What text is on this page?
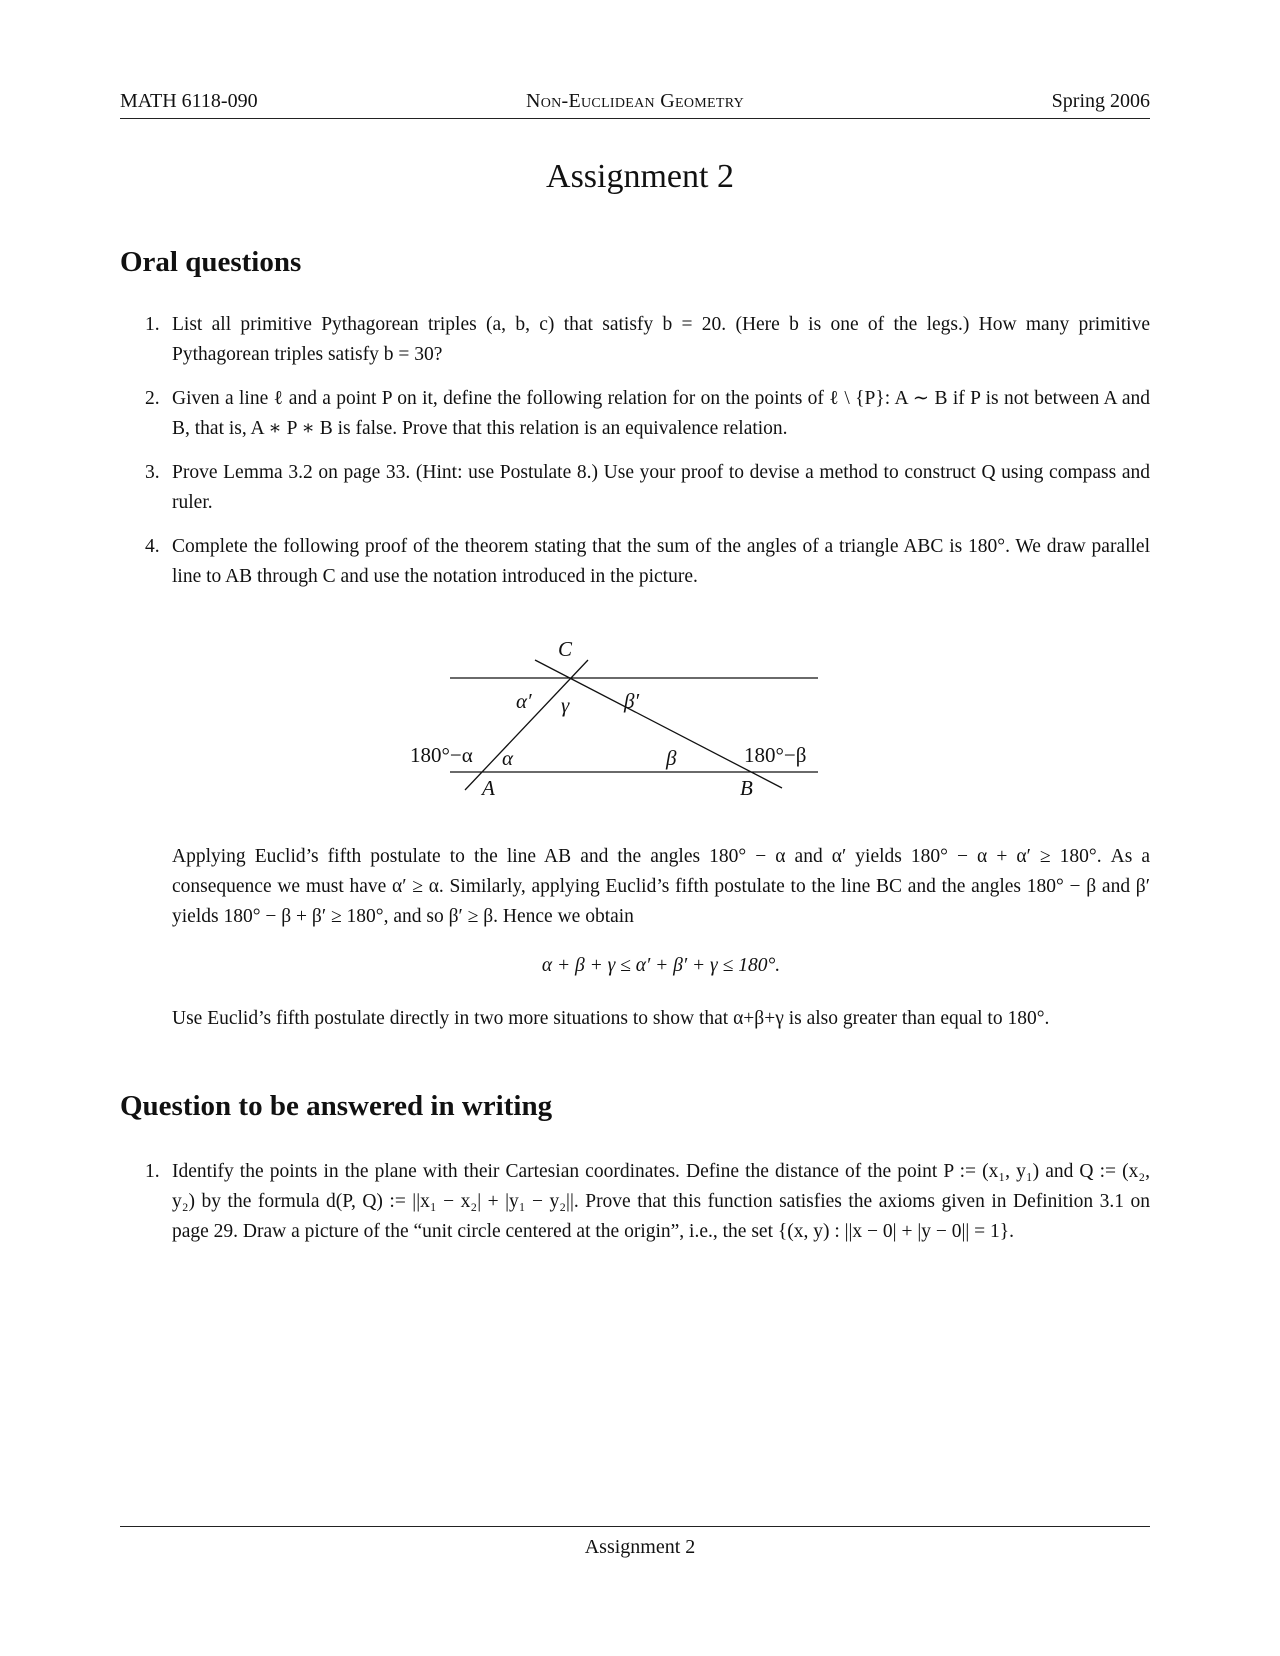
MATH 6118-090	Non-Euclidean Geometry	Spring 2006
Assignment 2
Oral questions
1. List all primitive Pythagorean triples (a, b, c) that satisfy b = 20. (Here b is one of the legs.) How many primitive Pythagorean triples satisfy b = 30?
2. Given a line ℓ and a point P on it, define the following relation for on the points of ℓ \ {P}: A ∼ B if P is not between A and B, that is, A ∗ P ∗ B is false. Prove that this relation is an equivalence relation.
3. Prove Lemma 3.2 on page 33. (Hint: use Postulate 8.) Use your proof to devise a method to construct Q using compass and ruler.
4. Complete the following proof of the theorem stating that the sum of the angles of a triangle ABC is 180°. We draw parallel line to AB through C and use the notation introduced in the picture.
C
α′ γ	β′
180°−α α	β	180°−β
A	B
Applying Euclid’s fifth postulate to the line AB and the angles 180° − α and α′ yields 180° − α + α′ ≥ 180°. As a consequence we must have α′ ≥ α. Similarly, applying Euclid’s fifth postulate to the line BC and the angles 180° − β and β′ yields 180° − β + β′ ≥ 180°, and so β′ ≥ β. Hence we obtain
α + β + γ ≤ α′ + β′ + γ ≤ 180°.
Use Euclid’s fifth postulate directly in two more situations to show that α+β+γ is also greater than equal to 180°.
Question to be answered in writing
1. Identify the points in the plane with their Cartesian coordinates. Define the distance of the point P := (x₁, y₁) and Q := (x₂, y₂) by the formula d(P, Q) := ||x₁ − x₂| + |y₁ − y₂||. Prove that this function satisfies the axioms given in Definition 3.1 on page 29. Draw a picture of the “unit circle centered at the origin”, i.e., the set {(x, y) : ||x − 0| + |y − 0|| = 1}.
Assignment 2
